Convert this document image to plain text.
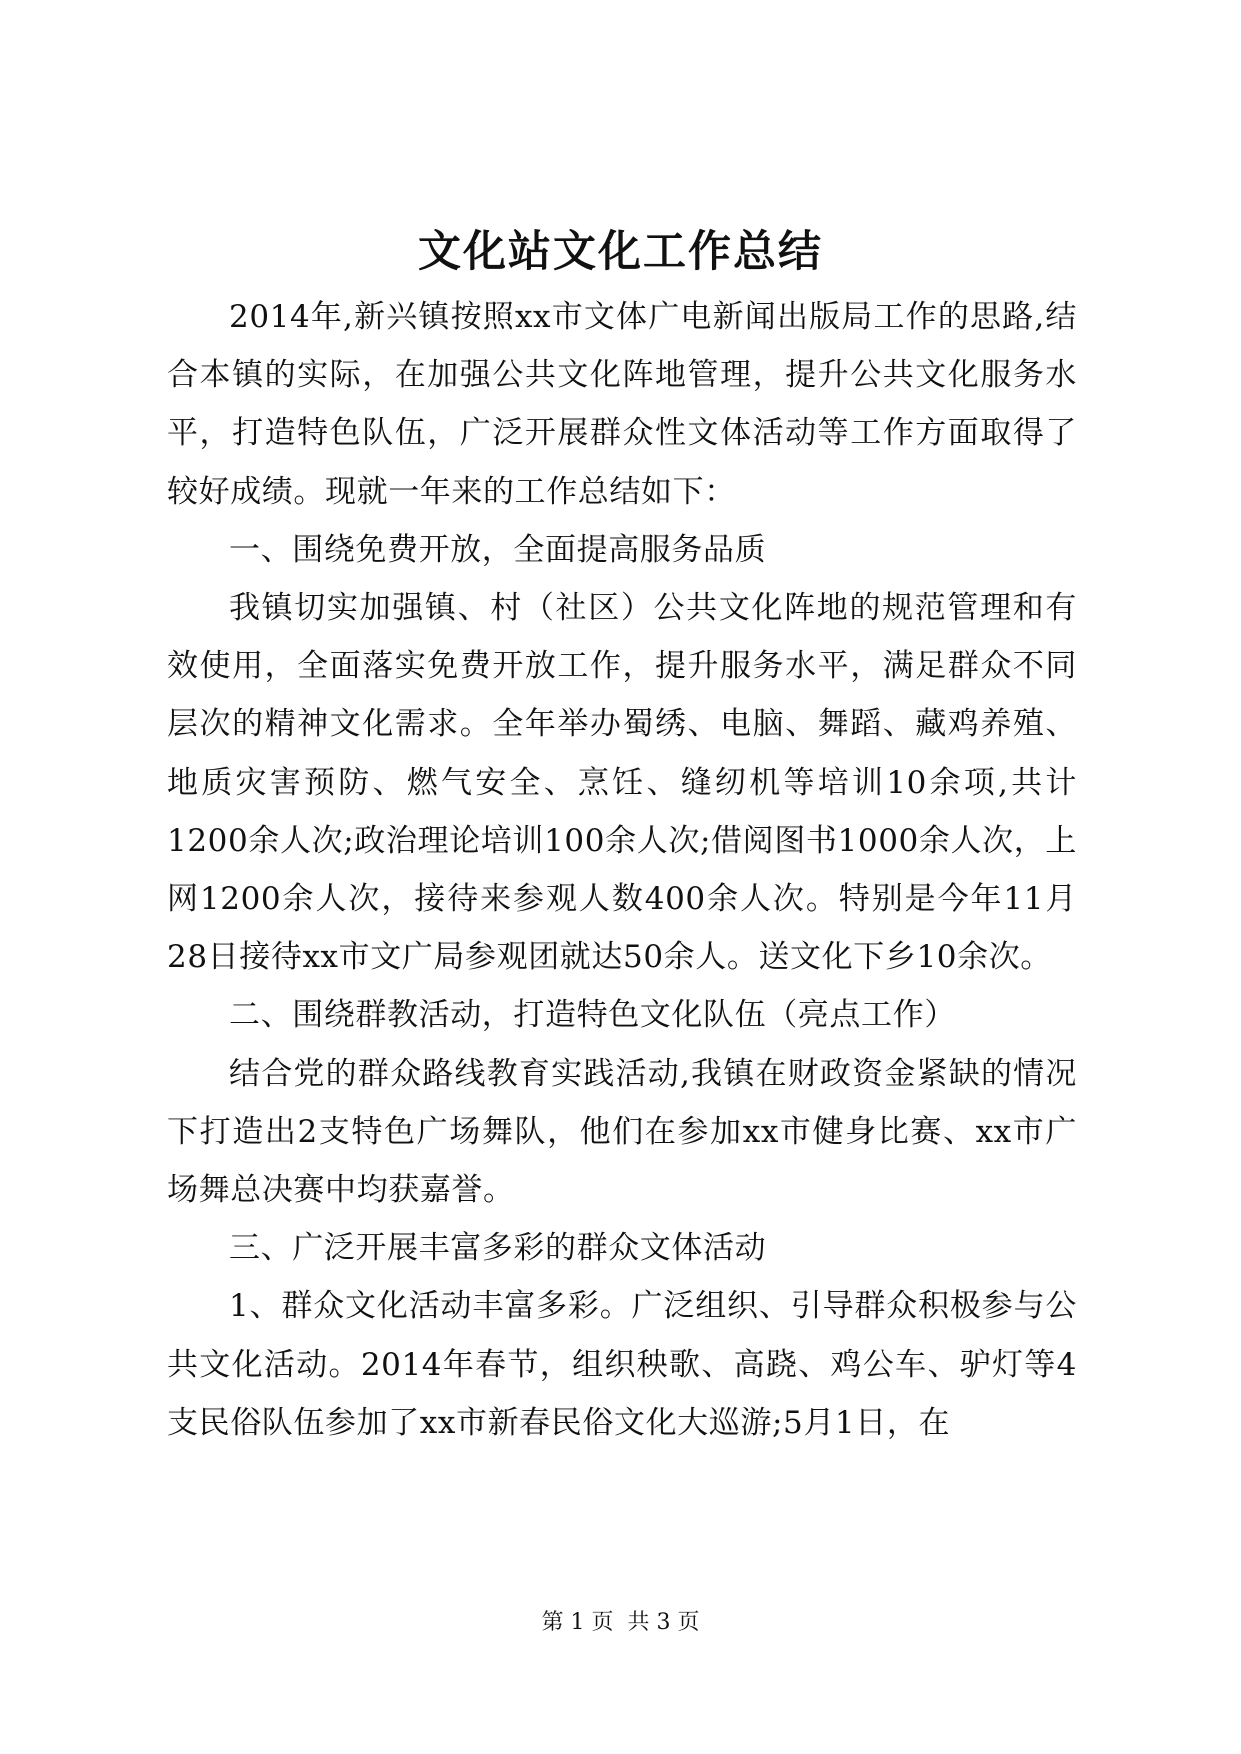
文化站文化工作总结

2014年,新兴镇按照xx市文体广电新闻出版局工作的思路,结合本镇的实际，在加强公共文化阵地管理，提升公共文化服务水平，打造特色队伍，广泛开展群众性文体活动等工作方面取得了较好成绩。现就一年来的工作总结如下：

一、围绕免费开放，全面提高服务品质

我镇切实加强镇、村（社区）公共文化阵地的规范管理和有效使用，全面落实免费开放工作，提升服务水平，满足群众不同层次的精神文化需求。全年举办蜀绣、电脑、舞蹈、藏鸡养殖、地质灾害预防、燃气安全、烹饪、缝纫机等培训10余项,共计1200余人次;政治理论培训100余人次;借阅图书1000余人次，上网1200余人次，接待来参观人数400余人次。特别是今年11月28日接待xx市文广局参观团就达50余人。送文化下乡10余次。

二、围绕群教活动，打造特色文化队伍（亮点工作）

结合党的群众路线教育实践活动,我镇在财政资金紧缺的情况下打造出2支特色广场舞队，他们在参加xx市健身比赛、xx市广场舞总决赛中均获嘉誉。

三、广泛开展丰富多彩的群众文体活动

1、群众文化活动丰富多彩。广泛组织、引导群众积极参与公共文化活动。2014年春节，组织秧歌、高跷、鸡公车、驴灯等4支民俗队伍参加了xx市新春民俗文化大巡游;5月1日，在

第 1 页  共 3 页
